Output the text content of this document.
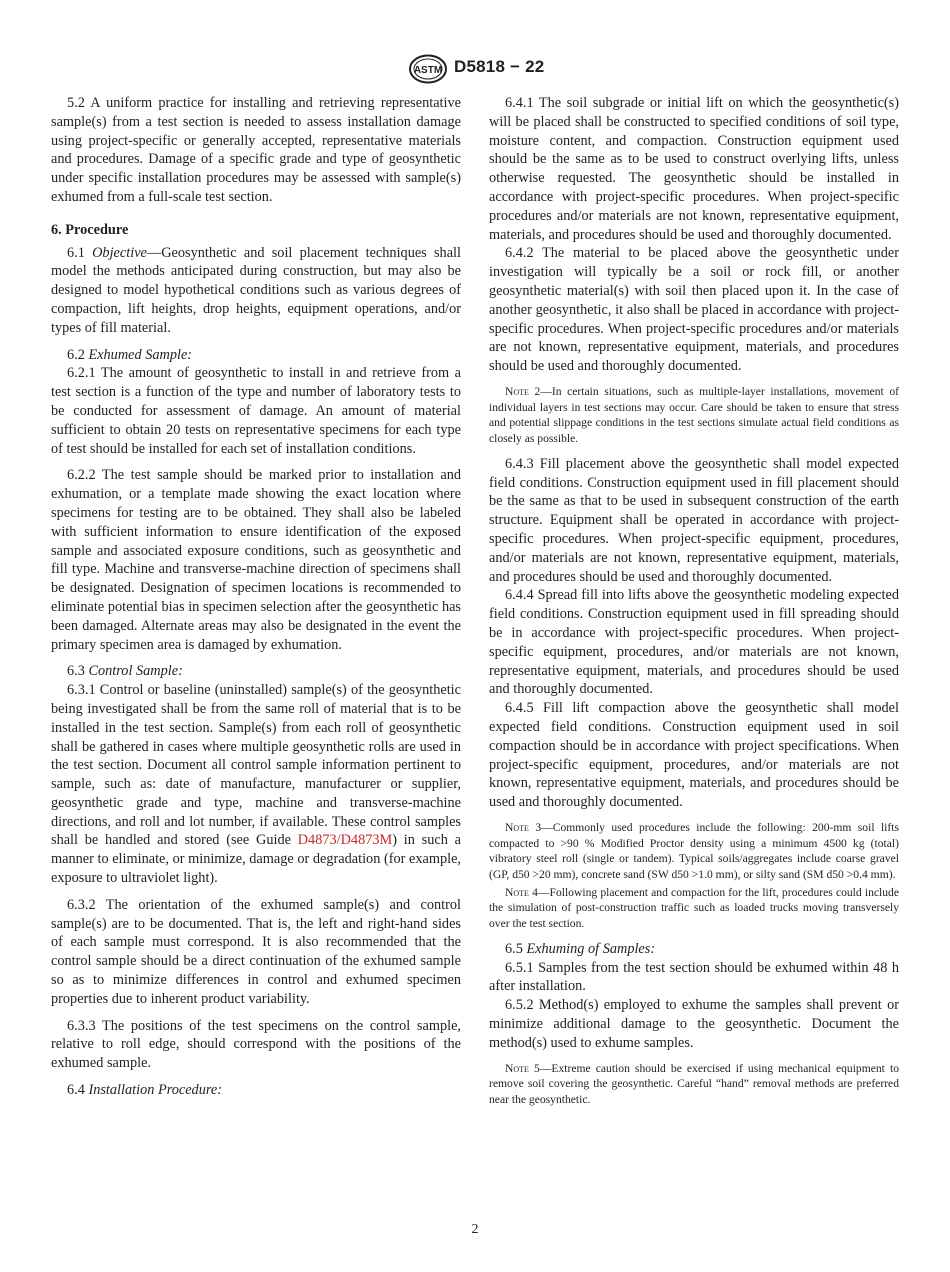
ASTM D5818 − 22

5.2 A uniform practice for installing and retrieving representative sample(s) from a test section is needed to assess installation damage using project-specific or generally accepted, representative materials and procedures. Damage of a specific grade and type of geosynthetic under specific installation procedures may be assessed with sample(s) exhumed from a full-scale test section.

6. Procedure

6.1 Objective—Geosynthetic and soil placement techniques shall model the methods anticipated during construction, but may also be designed to model hypothetical conditions such as various degrees of compaction, lift heights, drop heights, equipment operations, and/or types of fill material.

6.2 Exhumed Sample:

6.2.1 The amount of geosynthetic to install in and retrieve from a test section is a function of the type and number of laboratory tests to be conducted for assessment of damage. An amount of material sufficient to obtain 20 tests on representative specimens for each type of test should be installed for each set of installation conditions.

6.2.2 The test sample should be marked prior to installation and exhumation, or a template made showing the exact location where specimens for testing are to be obtained. They shall also be labeled with sufficient information to ensure identification of the exposed sample and associated exposure conditions, such as geosynthetic and fill type. Machine and transverse-machine direction of specimens shall be designated. Designation of specimen locations is recommended to eliminate potential bias in specimen selection after the geosynthetic has been damaged. Alternate areas may also be designated in the event the primary specimen area is damaged by exhumation.

6.3 Control Sample:

6.3.1 Control or baseline (uninstalled) sample(s) of the geosynthetic being investigated shall be from the same roll of material that is to be installed in the test section. Sample(s) from each roll of geosynthetic shall be gathered in cases where multiple geosynthetic rolls are used in the test section. Document all control sample information pertinent to sample, such as: date of manufacture, manufacturer or supplier, geosynthetic grade and type, machine and transverse-machine directions, and roll and lot number, if available. These control samples shall be handled and stored (see Guide D4873/D4873M) in such a manner to eliminate, or minimize, damage or degradation (for example, exposure to ultraviolet light).

6.3.2 The orientation of the exhumed sample(s) and control sample(s) are to be documented. That is, the left and right-hand sides of each sample must correspond. It is also recommended that the control sample should be a direct continuation of the exhumed sample so as to minimize differences in control and exhumed specimen properties due to inherent product variability.

6.3.3 The positions of the test specimens on the control sample, relative to roll edge, should correspond with the positions of the exhumed sample.

6.4 Installation Procedure:

6.4.1 The soil subgrade or initial lift on which the geosynthetic(s) will be placed shall be constructed to specified conditions of soil type, moisture content, and compaction. Construction equipment used should be the same as to be used to construct overlying lifts, unless otherwise requested. The geosynthetic should be installed in accordance with project-specific procedures. When project-specific procedures and/or materials are not known, representative equipment, materials, and procedures should be used and thoroughly documented.

6.4.2 The material to be placed above the geosynthetic under investigation will typically be a soil or rock fill, or another geosynthetic material(s) with soil then placed upon it. In the case of another geosynthetic, it also shall be placed in accordance with project-specific procedures. When project-specific procedures and/or materials are not known, representative equipment, materials, and procedures should be used and thoroughly documented.

Note 2—In certain situations, such as multiple-layer installations, movement of individual layers in test sections may occur. Care should be taken to ensure that stress and potential slippage conditions in the test sections simulate actual field conditions as closely as possible.

6.4.3 Fill placement above the geosynthetic shall model expected field conditions. Construction equipment used in fill placement should be the same as that to be used in subsequent construction of the earth structure. Equipment shall be operated in accordance with project-specific procedures. When project-specific equipment, procedures, and/or materials are not known, representative equipment, materials, and procedures should be used and thoroughly documented.

6.4.4 Spread fill into lifts above the geosynthetic modeling expected field conditions. Construction equipment used in fill spreading should be in accordance with project-specific procedures. When project-specific equipment, procedures, and/or materials are not known, representative equipment, materials, and procedures should be used and thoroughly documented.

6.4.5 Fill lift compaction above the geosynthetic shall model expected field conditions. Construction equipment used in soil compaction should be in accordance with project specifications. When project-specific equipment, procedures, and/or materials are not known, representative equipment, materials, and procedures should be used and thoroughly documented.

Note 3—Commonly used procedures include the following: 200-mm soil lifts compacted to >90 % Modified Proctor density using a minimum 4500 kg (total) vibratory steel roll (single or tandem). Typical soils/aggregates include coarse gravel (GP, d50 >20 mm), concrete sand (SW d50 >1.0 mm), or silty sand (SM d50 >0.4 mm).

Note 4—Following placement and compaction for the lift, procedures could include the simulation of post-construction traffic such as loaded trucks moving transversely over the test section.

6.5 Exhuming of Samples:

6.5.1 Samples from the test section should be exhumed within 48 h after installation.

6.5.2 Method(s) employed to exhume the samples shall prevent or minimize additional damage to the geosynthetic. Document the method(s) used to exhume samples.

Note 5—Extreme caution should be exercised if using mechanical equipment to remove soil covering the geosynthetic. Careful “hand” removal methods are preferred near the geosynthetic.

2
